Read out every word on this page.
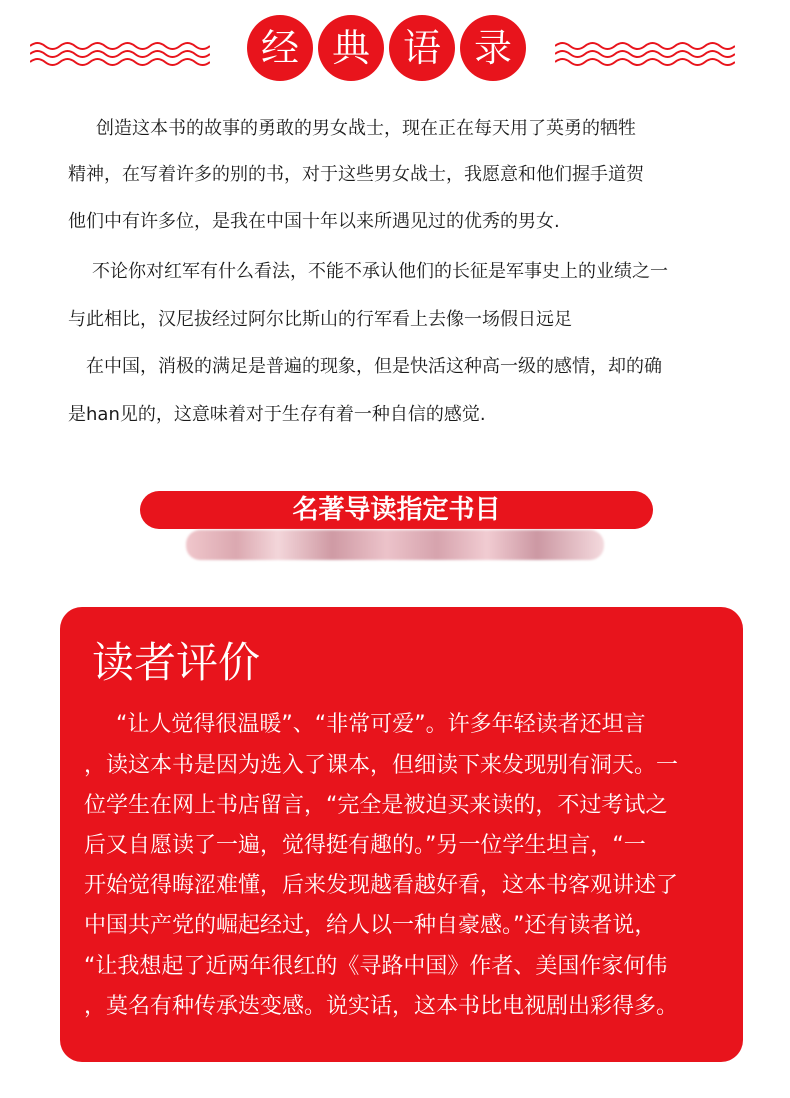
经 典 语 录
创造这本书的故事的勇敢的男女战士，现在正在每天用了英勇的牺牲
精神，在写着许多的别的书，对于这些男女战士，我愿意和他们握手道贺
他们中有许多位，是我在中国十年以来所遇见过的优秀的男女.
不论你对红军有什么看法，不能不承认他们的长征是军事史上的业绩之一
与此相比，汉尼拔经过阿尔比斯山的行军看上去像一场假日远足
在中国，消极的满足是普遍的现象，但是快活这种高一级的感情，却的确
是han见的，这意味着对于生存有着一种自信的感觉.
名著导读指定书目
读者评价
“让人觉得很温暖”、“非常可爱”。许多年轻读者还坦言
，读这本书是因为选入了课本，但细读下来发现别有洞天。一
位学生在网上书店留言，“完全是被迫买来读的，不过考试之
后又自愿读了一遍，觉得挺有趣的。”另一位学生坦言，“一
开始觉得晦涩难懂，后来发现越看越好看，这本书客观讲述了
中国共产党的崛起经过，给人以一种自豪感。”还有读者说，
“让我想起了近两年很红的《寻路中国》作者、美国作家何伟
，莫名有种传承迭变感。说实话，这本书比电视剧出彩得多。
